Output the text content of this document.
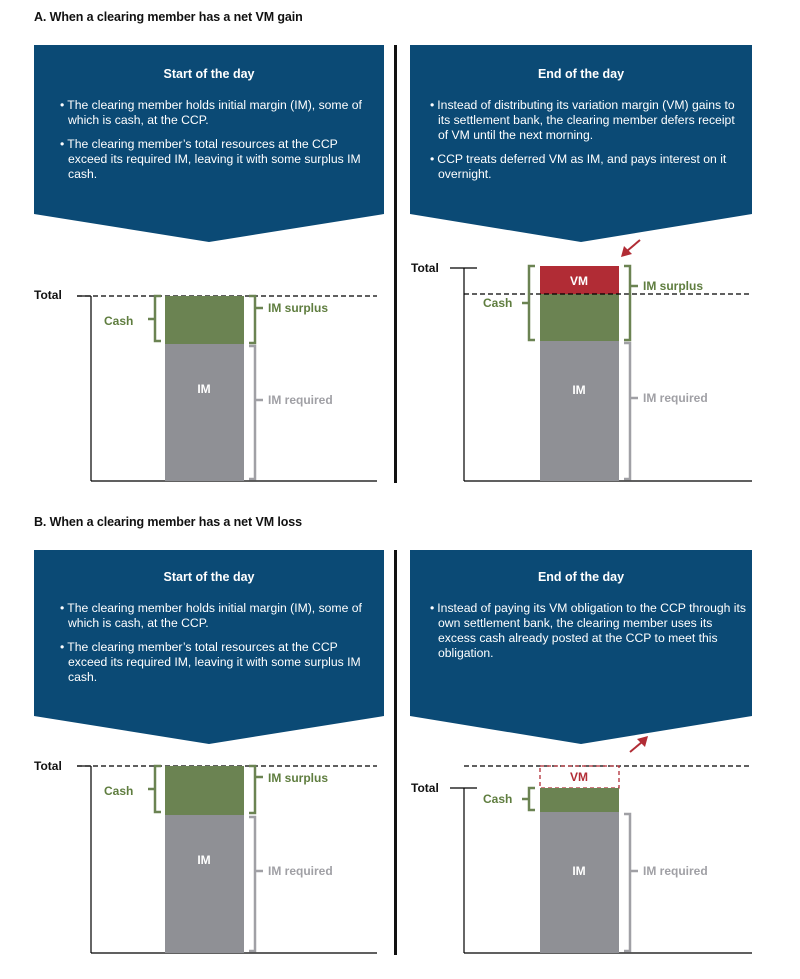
A. When a clearing member has a net VM gain
B. When a clearing member has a net VM loss
Total
Cash
IM surplus
IM
IM required
Total
VM
Cash
IM surplus
IM
IM required
Total
Cash
IM surplus
IM
IM required
Total
VM
Cash
IM	IM required
Start of the day
• The clearing member holds initial margin (IM), some of which is cash, at the CCP.
• The clearing member’s total resources at the CCP exceed its required IM, leaving it with some surplus IM cash.
End of the day
• Instead of distributing its variation margin (VM) gains to its settlement bank, the clearing member defers receipt of VM until the next morning.
• CCP treats deferred VM as IM, and pays interest on it overnight.
Start of the day
• The clearing member holds initial margin (IM), some of which is cash, at the CCP.
• The clearing member’s total resources at the CCP exceed its required IM, leaving it with some surplus IM cash.
End of the day
• Instead of paying its VM obligation to the CCP through its own settlement bank, the clearing member uses its excess cash already posted at the CCP to meet this obligation.
